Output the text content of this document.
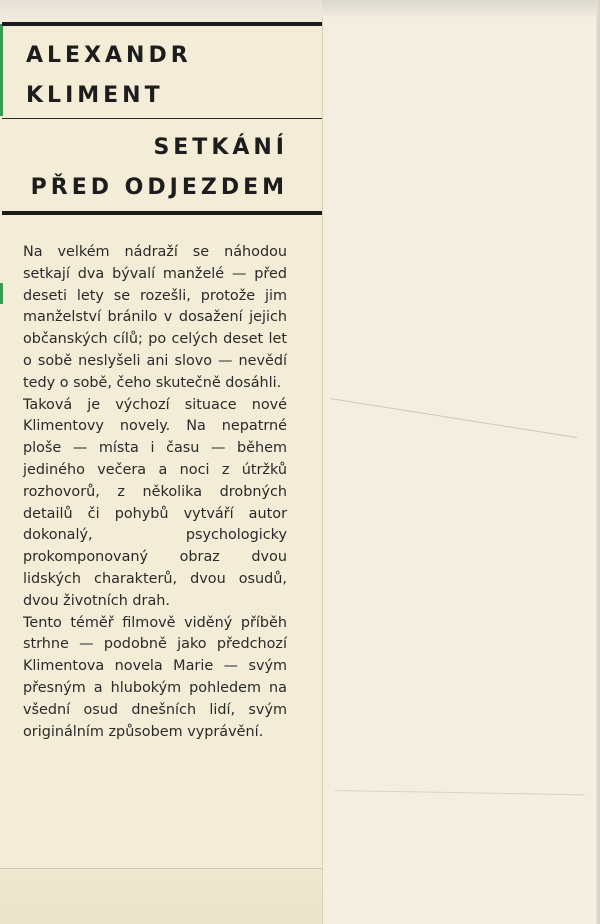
ALEXANDR
KLIMENT
SETKÁNÍ
PŘED ODJEZDEM

Na velkém nádraží se náhodou setkají dva bývalí manželé — před deseti lety se rozešli, protože jim manželství bránilo v dosažení jejich občanských cílů; po celých deset let o sobě neslyšeli ani slovo — nevědí tedy o sobě, čeho skutečně dosáhli.

Taková je výchozí situace nové Klimentovy novely. Na nepatrné ploše — místa i času — během jediného večera a noci z útržků rozhovorů, z několika drobných detailů či pohybů vytváří autor dokonalý, psychologicky prokomponovaný obraz dvou lidských charakterů, dvou osudů, dvou životních drah.

Tento téměř filmově viděný příběh strhne — podobně jako předchozí Klimentova novela Marie — svým přesným a hlubokým pohledem na všední osud dnešních lidí, svým originálním způsobem vyprávění.
